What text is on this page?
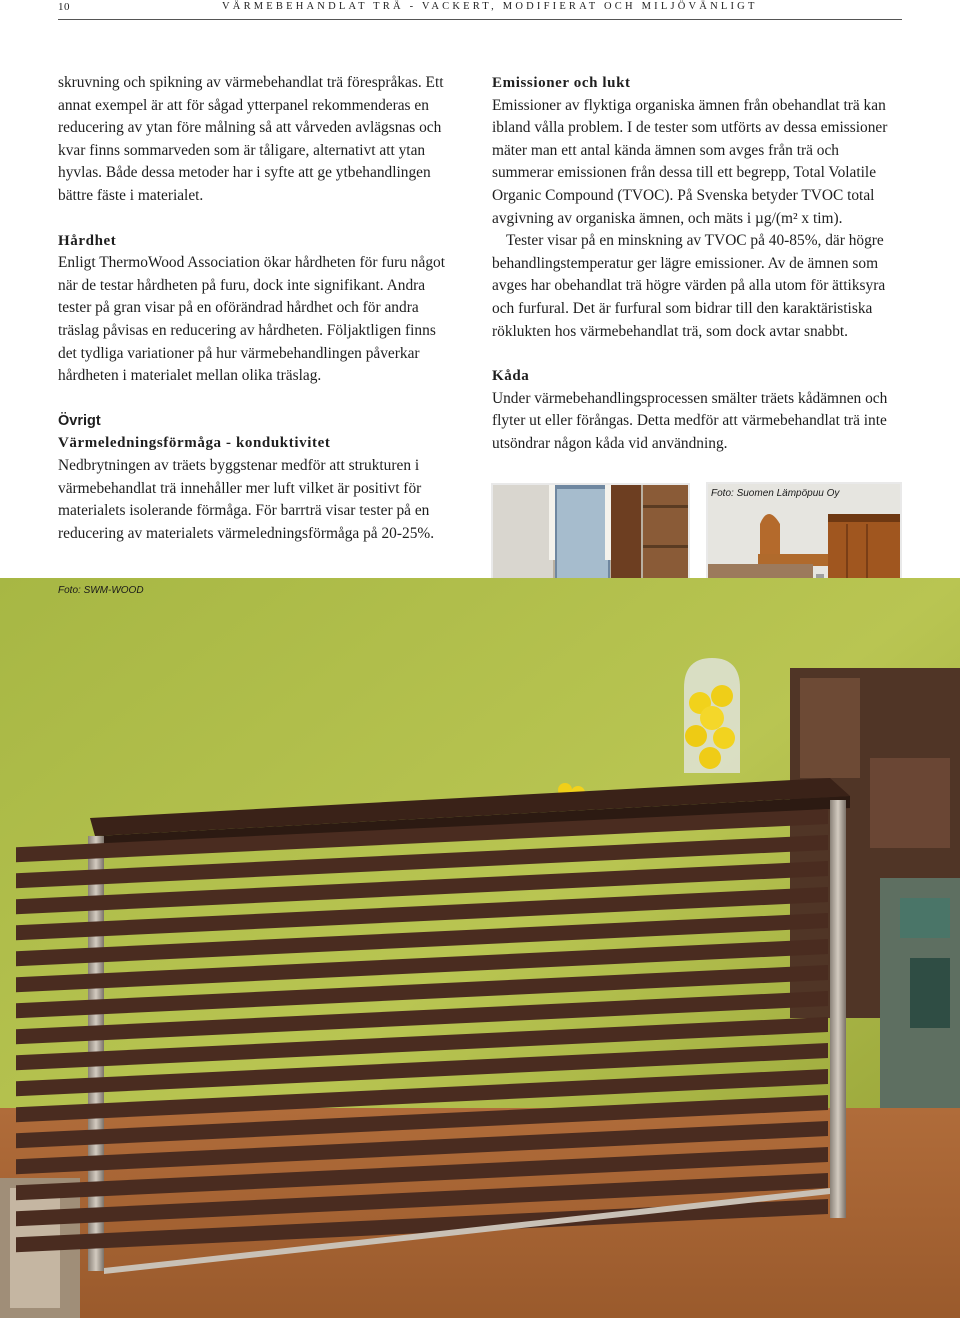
10	VÄRMEBEHANDLAT TRÄ - VACKERT, MODIFIERAT OCH MILJÖVÄNLIGT

skruvning och spikning av värmebehandlat trä förespråkas. Ett annat exempel är att för sågad ytterpanel rekommenderas en reducering av ytan före målning så att vårveden avlägsnas och kvar finns sommarveden som är tåligare, alternativt att ytan hyvlas. Både dessa metoder har i syfte att ge ytbehandlingen bättre fäste i materialet.

Hårdhet

Enligt ThermoWood Association ökar hårdheten för furu något när de testar hårdheten på furu, dock inte signifikant. Andra tester på gran visar på en oförändrad hårdhet och för andra träslag påvisas en reducering av hårdheten. Följaktligen finns det tydliga variationer på hur värmebehandlingen påverkar hårdheten i materialet mellan olika träslag.

Övrigt

Värmeledningsförmåga - konduktivitet

Nedbrytningen av träets byggstenar medför att strukturen i värmebehandlat trä innehåller mer luft vilket är positivt för materialets isolerande förmåga. För barrträ visar tester på en reducering av materialets värmeledningsförmåga på 20-25%.

Emissioner och lukt

Emissioner av flyktiga organiska ämnen från obehandlat trä kan ibland vålla problem. I de tester som utförts av dessa emissioner mäter man ett antal kända ämnen som avges från trä och summerar emissionen från dessa till ett begrepp, Total Volatile Organic Compound (TVOC). På Svenska betyder TVOC total avgivning av organiska ämnen, och mäts i µg/(m² x tim).

Tester visar på en minskning av TVOC på 40-85%, där högre behandlingstemperatur ger lägre emissioner. Av de ämnen som avges har obehandlat trä högre värden på alla utom för ättiksyra och furfural. Det är furfural som bidrar till den karaktäristiska röklukten hos värmebehandlat trä, som dock avtar snabbt.

Kåda

Under värmebehandlingsprocessen smälter träets kådämnen och flyter ut eller förångas. Detta medför att värmebehandlat trä inte utsöndrar någon kåda vid användning.

Foto: Suomen Lämpöpuu Oy
Foto: SWM-WOOD
